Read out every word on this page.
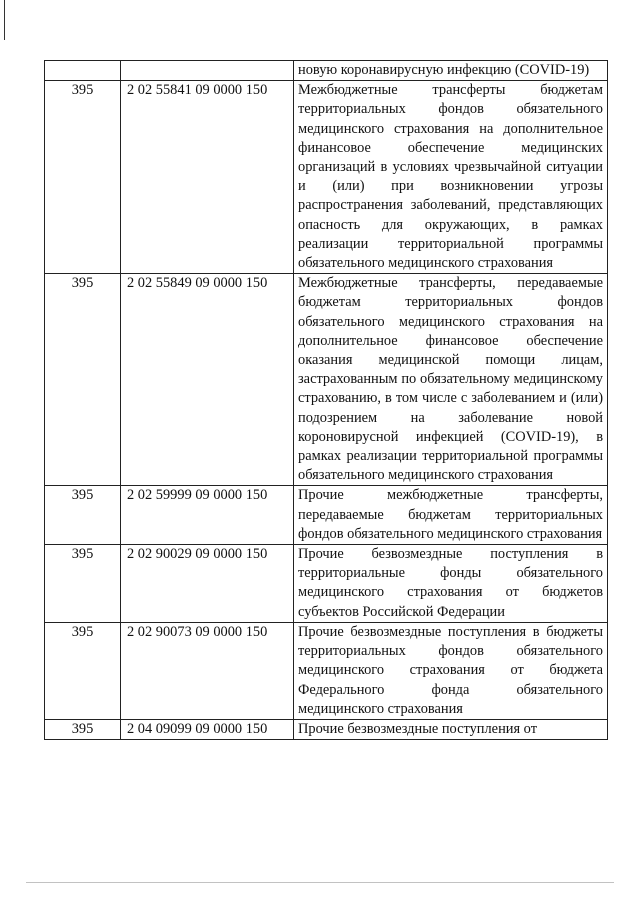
		новую коронавирусную инфекцию (COVID-19)
395	2 02 55841 09 0000 150	Межбюджетные трансферты бюджетам территориальных фондов обязательного медицинского страхования на дополнительное финансовое обеспечение медицинских организаций в условиях чрезвычайной ситуации и (или) при возникновении угрозы распространения заболеваний, представляющих опасность для окружающих, в рамках реализации территориальной программы обязательного медицинского страхования
395	2 02 55849 09 0000 150	Межбюджетные трансферты, передаваемые бюджетам территориальных фондов обязательного медицинского страхования на дополнительное финансовое обеспечение оказания медицинской помощи лицам, застрахованным по обязательному медицинскому страхованию, в том числе с заболеванием и (или) подозрением на заболевание новой короновирусной инфекцией (COVID-19), в рамках реализации территориальной программы обязательного медицинского страхования
395	2 02 59999 09 0000 150	Прочие межбюджетные трансферты, передаваемые бюджетам территориальных фондов обязательного медицинского страхования
395	2 02 90029 09 0000 150	Прочие безвозмездные поступления в территориальные фонды обязательного медицинского страхования от бюджетов субъектов Российской Федерации
395	2 02 90073 09 0000 150	Прочие безвозмездные поступления в бюджеты территориальных фондов обязательного медицинского страхования от бюджета Федерального фонда обязательного медицинского страхования
395	2 04 09099 09 0000 150	Прочие безвозмездные поступления от
